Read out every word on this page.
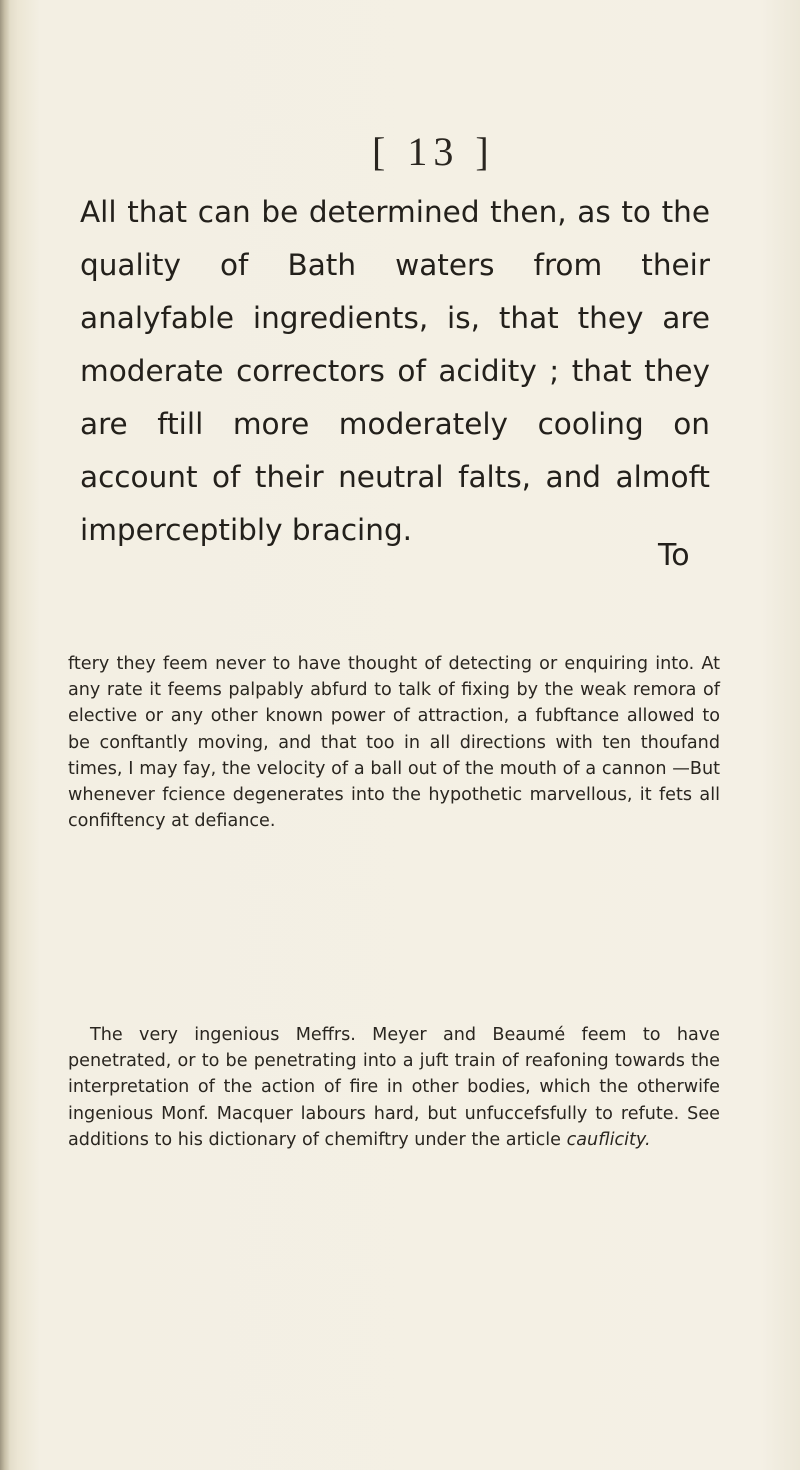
[ 13 ]
All that can be determined then, as to the quality of Bath waters from their analyfable ingredients, is, that they are moderate correctors of acidity ; that they are ftill more moderately cooling on account of their neutral falts, and almoft imperceptibly bracing.
To

ftery they feem never to have thought of detecting or enquiring into. At any rate it feems palpably abfurd to talk of fixing by the weak remora of elective or any other known power of attraction, a fubftance allowed to be conftantly moving, and that too in all directions with ten thoufand times, I may fay, the velocity of a ball out of the mouth of a cannon —But whenever fcience degenerates into the hypothetic marvellous, it fets all confiftency at defiance.

The very ingenious Meffrs. Meyer and Beaumé feem to have penetrated, or to be penetrating into a juft train of reafoning towards the interpretation of the action of fire in other bodies, which the otherwife ingenious Monf. Macquer labours hard, but unfuccefsfully to refute. See additions to his dictionary of chemiftry under the article cauflicity.
